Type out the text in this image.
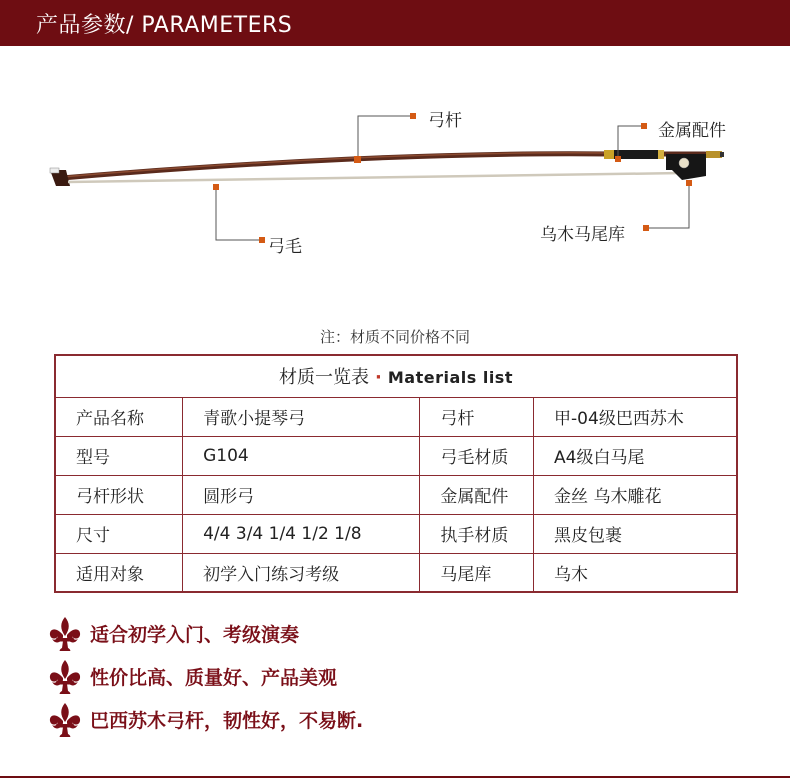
产品参数/ PARAMETERS
弓杆	金属配件
弓毛
乌木马尾库
注：材质不同价格不同
材质一览表 · Materials list			
产品名称	青歌小提琴弓	弓杆	甲-04级巴西苏木
型号	G104	弓毛材质	A4级白马尾
弓杆形状	圆形弓	金属配件	金丝 乌木雕花
尺寸	4/4 3/4 1/4 1/2 1/8	执手材质	黑皮包裹
适用对象	初学入门练习考级	马尾库	乌木
适合初学入门、考级演奏
性价比高、质量好、产品美观
巴西苏木弓杆，韧性好，不易断.
